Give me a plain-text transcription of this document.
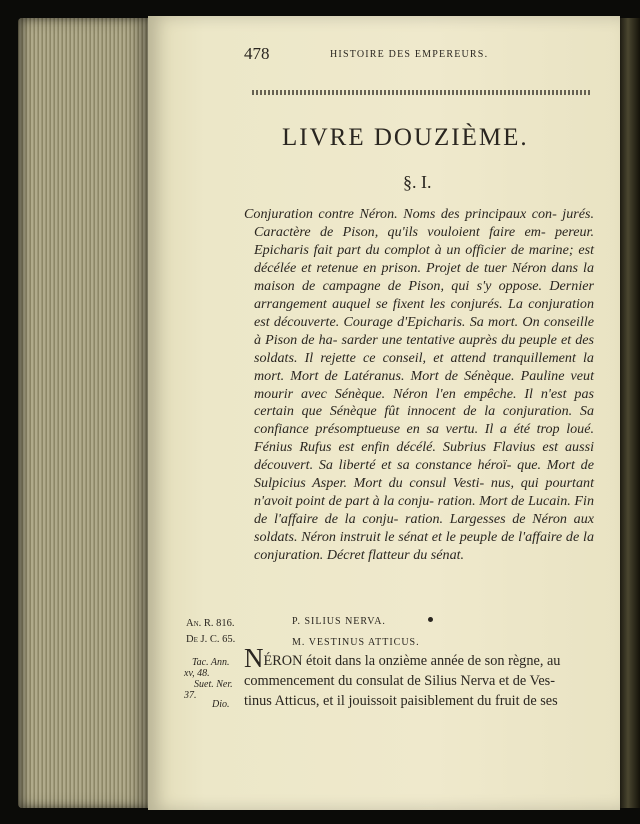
478	HISTOIRE DES EMPEREURS.
LIVRE DOUZIÈME.
§. I.

Conjuration contre Néron. Noms des principaux con- jurés. Caractère de Pison, qu'ils vouloient faire em- pereur. Epicharis fait part du complot à un officier de marine; est décélée et retenue en prison. Projet de tuer Néron dans la maison de campagne de Pison, qui s'y oppose. Dernier arrangement auquel se fixent les conjurés. La conjuration est découverte. Courage d'Epicharis. Sa mort. On conseille à Pison de ha- sarder une tentative auprès du peuple et des soldats. Il rejette ce conseil, et attend tranquillement la mort. Mort de Latéranus. Mort de Sénèque. Pauline veut mourir avec Sénèque. Néron l'en empêche. Il n'est pas certain que Sénèque fût innocent de la conjuration. Sa confiance présomptueuse en sa vertu. Il a été trop loué. Fénius Rufus est enfin décélé. Subrius Flavius est aussi découvert. Sa liberté et sa constance héroï- que. Mort de Sulpicius Asper. Mort du consul Vesti- nus, qui pourtant n'avoit point de part à la conju- ration. Mort de Lucain. Fin de l'affaire de la conju- ration. Largesses de Néron aux soldats. Néron instruit le sénat et le peuple de l'affaire de la conjuration. Décret flatteur du sénat.

An. R. 816.
De J. C. 65.
P. SILIUS NERVA.
M. VESTINUS ATTICUS.
Tac. Ann.
xv, 48.
Suet. Ner.
37.
Dio.
NÉRON étoit dans la onzième année de son règne, au
commencement du consulat de Silius Nerva et de Ves-
tinus Atticus, et il jouissoit paisiblement du fruit de ses
